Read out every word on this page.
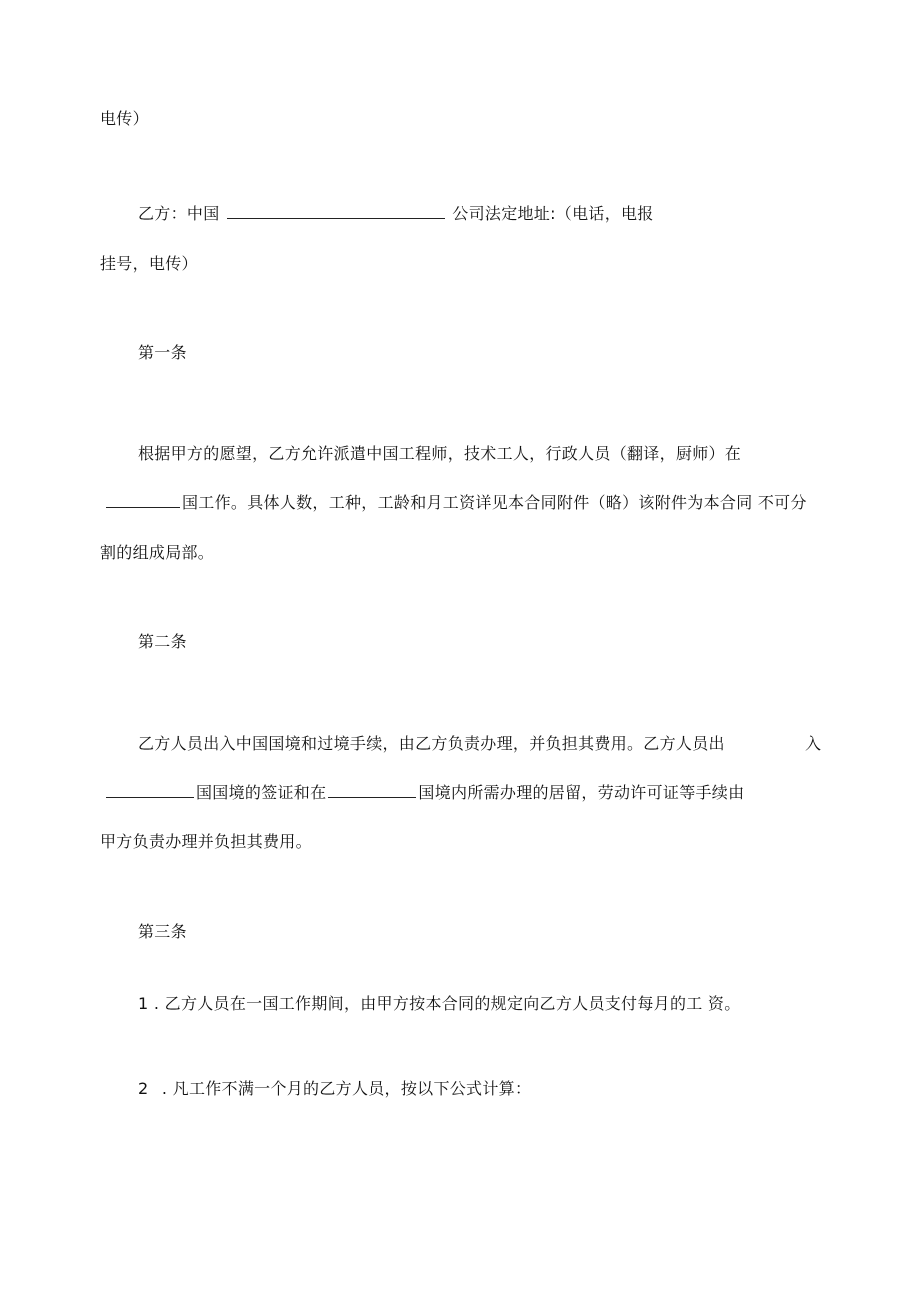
电传）
乙方：中国	公司法定地址:（电话，电报
挂号，电传）
第一条
根据甲方的愿望，乙方允许派遣中国工程师，技术工人，行政人员（翻译，厨师）在
国工作。具体人数，工种，工龄和月工资详见本合同附件（略）该附件为本合同 不可分
割的组成局部。
第二条
乙方人员出入中国国境和过境手续，由乙方负责办理，并负担其费用。乙方人员出	入
国国境的签证和在	国境内所需办理的居留，劳动许可证等手续由
甲方负责办理并负担其费用。
第三条
1 . 乙方人员在一国工作期间，由甲方按本合同的规定向乙方人员支付每月的工 资。
2 . 凡工作不满一个月的乙方人员，按以下公式计算：
